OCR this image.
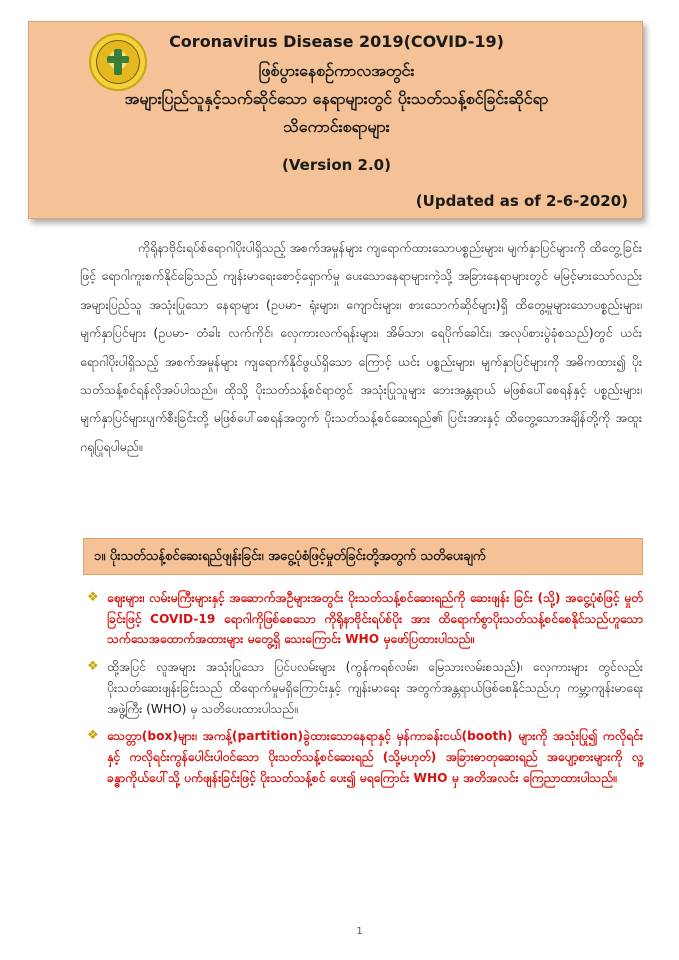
Coronavirus Disease 2019(COVID-19)
ဖြစ်ပွားနေစဉ်ကာလအတွင်း
အများပြည်သူနှင့်သက်ဆိုင်သော နေရာများတွင် ပိုးသတ်သန့်စင်ခြင်းဆိုင်ရာ
သိကောင်းစရာများ
(Version 2.0)
(Updated as of 2-6-2020)

ကိုရိုနာဗိုင်းရပ်စ်ရောဂါပိုးပါရှိသည့် အစက်အမှုန်များ ကျရောက်ထားသောပစ္စည်းများ၊ မျက်နှာပြင်များကို ထိတွေ့ခြင်းဖြင့် ရောဂါကူးစက်နိုင်ခြေသည် ကျန်းမာရေးစောင့်ရှောက်မှု ပေးသောနေရာများကဲ့သို့ အခြားနေရာများတွင် မမြင့်မားသော်လည်း အများပြည်သူ အသုံးပြုသော နေရာများ (ဥပမာ- ရုံးများ၊ ကျောင်းများ၊ စားသောက်ဆိုင်များ)ရှိ ထိတွေ့မှုများသောပစ္စည်းများ၊ မျက်နှာပြင်များ (ဥပမာ- တံခါး လက်ကိုင်၊ လှေကားလက်ရန်းများ၊ အိမ်သာ၊ ရေပိုက်ခေါင်း၊ အလုပ်စားပွဲခုံစသည်)တွင် ယင်းရောဂါပိုးပါရှိသည့် အစက်အမှုန်များ ကျရောက်နိုင်ဖွယ်ရှိသော ကြောင့် ယင်း ပစ္စည်းများ၊ မျက်နှာပြင်များကို အဓိကထား၍ ပိုးသတ်သန့်စင်ရန်လိုအပ်ပါသည်။ ထိုသို့ ပိုးသတ်သန့်စင်ရာတွင် အသုံးပြုသူများ ဘေးအန္တရာယ် မဖြစ်ပေါ်စေရန်နှင့် ပစ္စည်းများ၊ မျက်နှာပြင်များပျက်စီးခြင်းတို့ မဖြစ်ပေါ်စေရန်အတွက် ပိုးသတ်သန့်စင်ဆေးရည်၏ ပြင်းအားနှင့် ထိတွေ့သောအချိန်တို့ကို အထူးဂရုပြုရပါမည်။

၁။ ပိုးသတ်သန့်စင်ဆေးရည်ဖျန်းခြင်း၊ အငွေ့ပုံစံဖြင့်မှုတ်ခြင်းတို့အတွက် သတိပေးချက်
❖ ဈေးများ၊ လမ်းမကြီးများနှင့် အဆောက်အဦများအတွင်း ပိုးသတ်သန့်စင်ဆေးရည်ကို ဆေးဖျန်း ခြင်း (သို့) အငွေ့ပုံစံဖြင့် မှုတ်ခြင်းဖြင့် COVID-19 ရောဂါကိုဖြစ်စေသော ကိုရိုနာဗိုင်းရပ်စ်ပိုး အား ထိရောက်စွာပိုးသတ်သန့်စင်စေနိုင်သည်ဟူသော သက်သေအထောက်အထားများ မတွေ့ရှိ သေးကြောင်း WHO မှဖော်ပြထားပါသည်။
❖ ထို့အပြင် လူအများ အသုံးပြုသော ပြင်ပလမ်းများ (ကွန်ကရစ်လမ်း၊ မြေသားလမ်းစသည်)၊ လှေကားများ တွင်လည်း ပိုးသတ်ဆေးဖျန်းခြင်းသည် ထိရောက်မှုမရှိကြောင်းနှင့် ကျန်းမာရေး အတွက်အန္တရာယ်ဖြစ်စေနိုင်သည်ဟု ကမ္ဘာ့ကျန်းမာရေးအဖွဲ့ကြီး (WHO) မှ သတိပေးထားပါသည်။
❖ သေတ္တာ(box)များ၊ အကန့်(partition)ခွဲထားသောနေရာနှင့် မှန်ကာခန်းငယ်(booth) များကို အသုံးပြု၍ ကလိုရင်းနှင့် ကလိုရင်းကွန်ပေါင်းပါဝင်သော ပိုးသတ်သန့်စင်ဆေးရည် (သို့မဟုတ်) အခြားဓာတုဆေးရည် အပျော့စားများကို လူ့ခန္ဓာကိုယ်ပေါ်သို့ ပက်ဖျန်းခြင်းဖြင့် ပိုးသတ်သန့်စင် ပေး၍ မရကြောင်း WHO မှ အတိအလင်း ကြေညာထားပါသည်။
1
